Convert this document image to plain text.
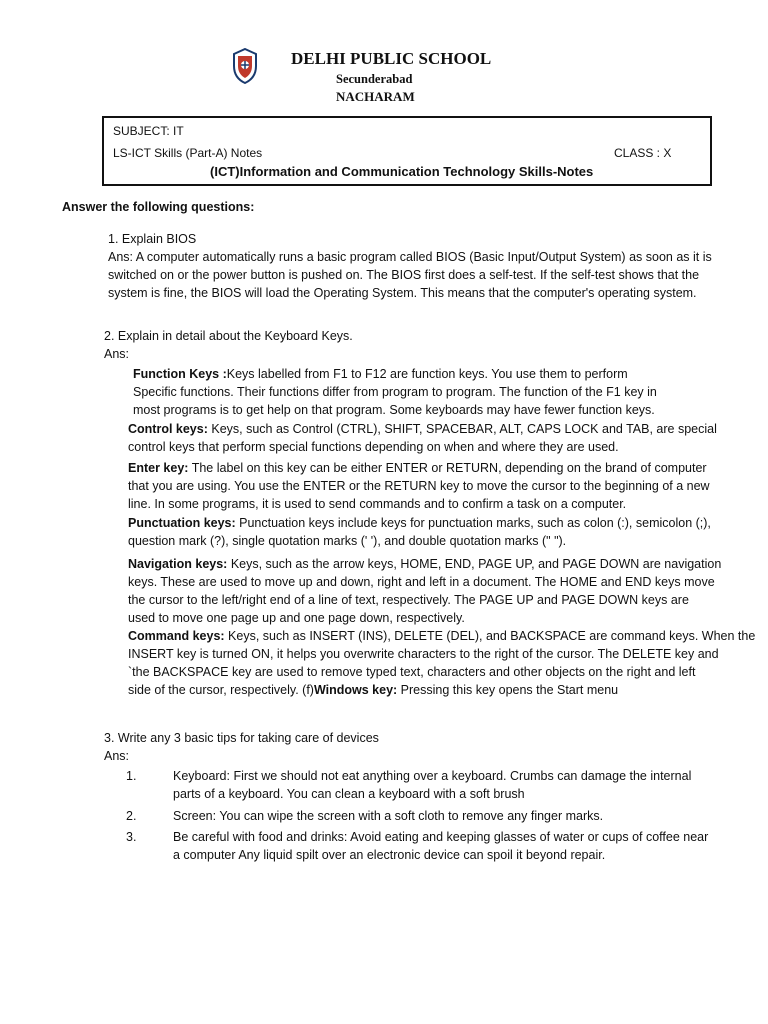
DELHI PUBLIC SCHOOL
Secunderabad
NACHARAM
SUBJECT: IT
LS-ICT Skills (Part-A) Notes	CLASS : X
(ICT)Information and Communication Technology Skills-Notes
Answer the following questions:
1. Explain BIOS
Ans: A computer automatically runs a basic program called BIOS (Basic Input/Output System) as soon as it is
switched on or the power button is pushed on. The BIOS first does a self-test. If the self-test shows that the
system is fine, the BIOS will load the Operating System. This means that the computer's operating system.
2. Explain in detail about the Keyboard Keys.
Ans:
Function Keys :Keys labelled from F1 to F12 are function keys. You use them to perform
Specific functions. Their functions differ from program to program. The function of the F1 key in
most programs is to get help on that program. Some keyboards may have fewer function keys.
Control keys: Keys, such as Control (CTRL), SHIFT, SPACEBAR, ALT, CAPS LOCK and TAB, are special
control keys that perform special functions depending on when and where they are used.
Enter key: The label on this key can be either ENTER or RETURN, depending on the brand of computer
that you are using. You use the ENTER or the RETURN key to move the cursor to the beginning of a new
line. In some programs, it is used to send commands and to confirm a task on a computer.
Punctuation keys: Punctuation keys include keys for punctuation marks, such as colon (:), semicolon (;),
question mark (?), single quotation marks (' '), and double quotation marks (" ").
Navigation keys: Keys, such as the arrow keys, HOME, END, PAGE UP, and PAGE DOWN are navigation
keys. These are used to move up and down, right and left in a document. The HOME and END keys move
the cursor to the left/right end of a line of text, respectively. The PAGE UP and PAGE DOWN keys are
used to move one page up and one page down, respectively.
Command keys: Keys, such as INSERT (INS), DELETE (DEL), and BACKSPACE are command keys. When the
INSERT key is turned ON, it helps you overwrite characters to the right of the cursor. The DELETE key and
`the BACKSPACE key are used to remove typed text, characters and other objects on the right and left
side of the cursor, respectively. (f)Windows key: Pressing this key opens the Start menu
3. Write any 3 basic tips for taking care of devices
Ans:
1.	Keyboard: First we should not eat anything over a keyboard. Crumbs can damage the internal
parts of a keyboard. You can clean a keyboard with a soft brush
2.	Screen: You can wipe the screen with a soft cloth to remove any finger marks.
3.	Be careful with food and drinks: Avoid eating and keeping glasses of water or cups of coffee near
a computer Any liquid spilt over an electronic device can spoil it beyond repair.
